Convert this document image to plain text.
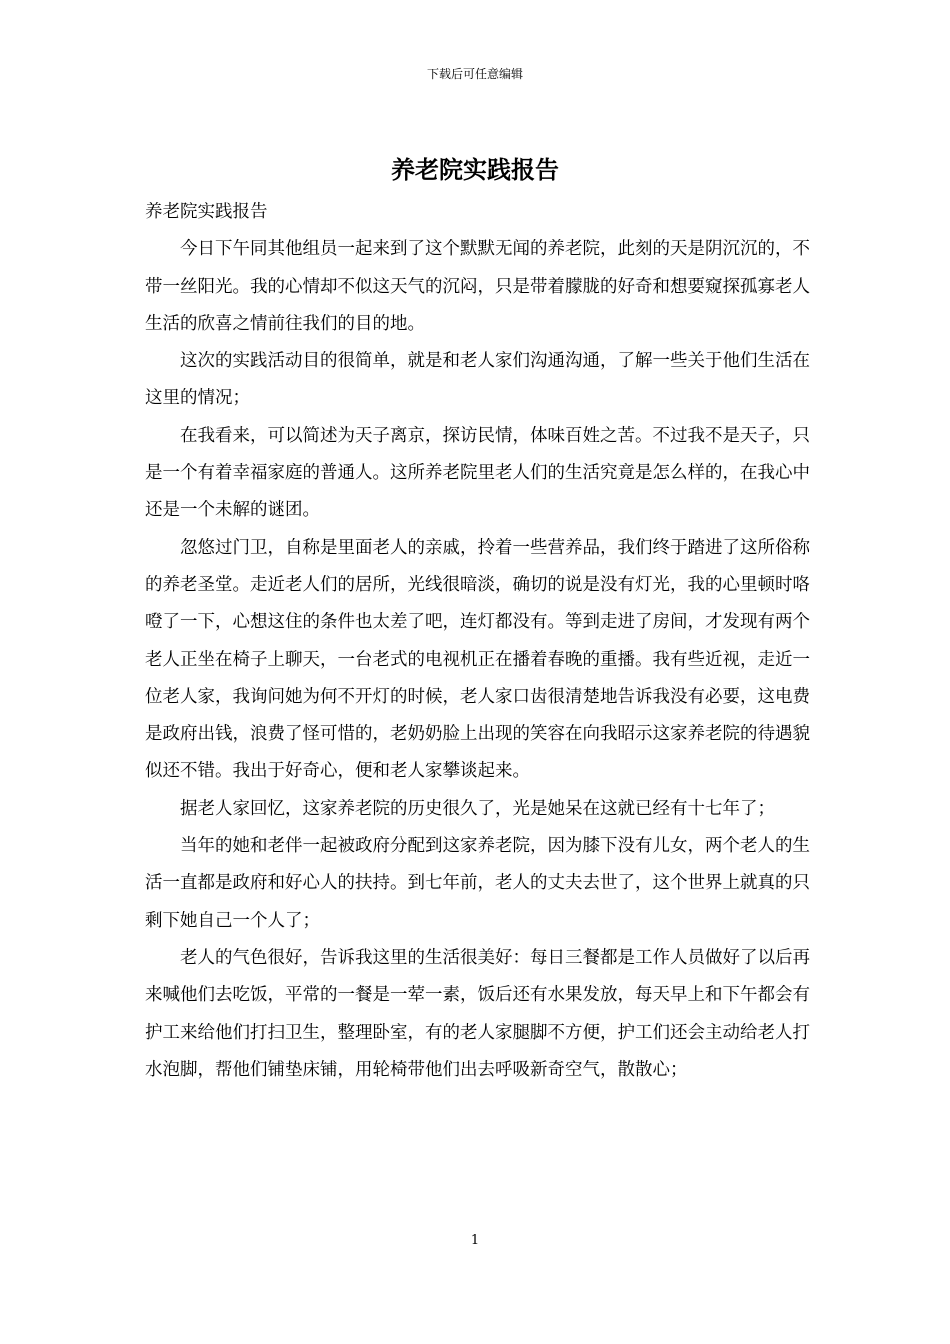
下载后可任意编辑
养老院实践报告

养老院实践报告

今日下午同其他组员一起来到了这个默默无闻的养老院，此刻的天是阴沉沉的，不带一丝阳光。我的心情却不似这天气的沉闷，只是带着朦胧的好奇和想要窥探孤寡老人生活的欣喜之情前往我们的目的地。

这次的实践活动目的很简单，就是和老人家们沟通沟通，了解一些关于他们生活在这里的情况；

在我看来，可以简述为天子离京，探访民情，体味百姓之苦。不过我不是天子，只是一个有着幸福家庭的普通人。这所养老院里老人们的生活究竟是怎么样的，在我心中还是一个未解的谜团。

忽悠过门卫，自称是里面老人的亲戚，拎着一些营养品，我们终于踏进了这所俗称的养老圣堂。走近老人们的居所，光线很暗淡，确切的说是没有灯光，我的心里顿时咯噔了一下，心想这住的条件也太差了吧，连灯都没有。等到走进了房间，才发现有两个老人正坐在椅子上聊天，一台老式的电视机正在播着春晚的重播。我有些近视，走近一位老人家，我询问她为何不开灯的时候，老人家口齿很清楚地告诉我没有必要，这电费是政府出钱，浪费了怪可惜的，老奶奶脸上出现的笑容在向我昭示这家养老院的待遇貌似还不错。我出于好奇心，便和老人家攀谈起来。

据老人家回忆，这家养老院的历史很久了，光是她呆在这就已经有十七年了；

当年的她和老伴一起被政府分配到这家养老院，因为膝下没有儿女，两个老人的生活一直都是政府和好心人的扶持。到七年前，老人的丈夫去世了，这个世界上就真的只剩下她自己一个人了；

老人的气色很好，告诉我这里的生活很美好：每日三餐都是工作人员做好了以后再来喊他们去吃饭，平常的一餐是一荤一素，饭后还有水果发放，每天早上和下午都会有护工来给他们打扫卫生，整理卧室，有的老人家腿脚不方便，护工们还会主动给老人打水泡脚，帮他们铺垫床铺，用轮椅带他们出去呼吸新奇空气，散散心；

1
